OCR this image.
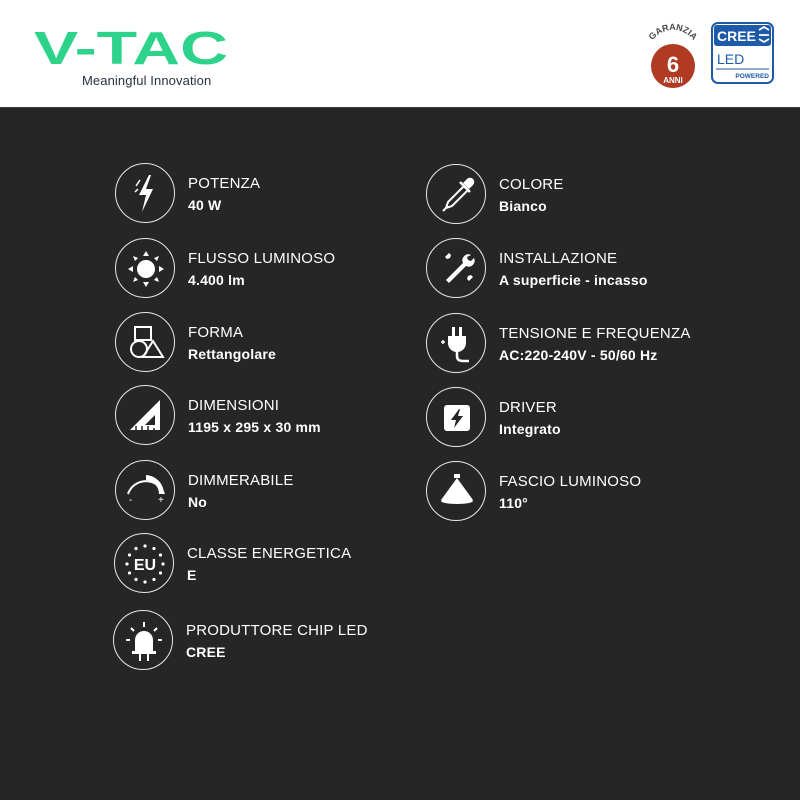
V-TAC
Meaningful Innovation
GARANZIA
6
ANNI
CREE
LED
POWERED
POTENZA
40 W
FLUSSO LUMINOSO
4.400 lm
FORMA
Rettangolare
DIMENSIONI
1195 x 295 x 30 mm
-	+
DIMMERABILE
No
EU
CLASSE ENERGETICA
E
PRODUTTORE CHIP LED
CREE
COLORE
Bianco
INSTALLAZIONE
A superficie - incasso
TENSIONE E FREQUENZA
AC:220-240V - 50/60 Hz
DRIVER
Integrato
FASCIO LUMINOSO
110°
